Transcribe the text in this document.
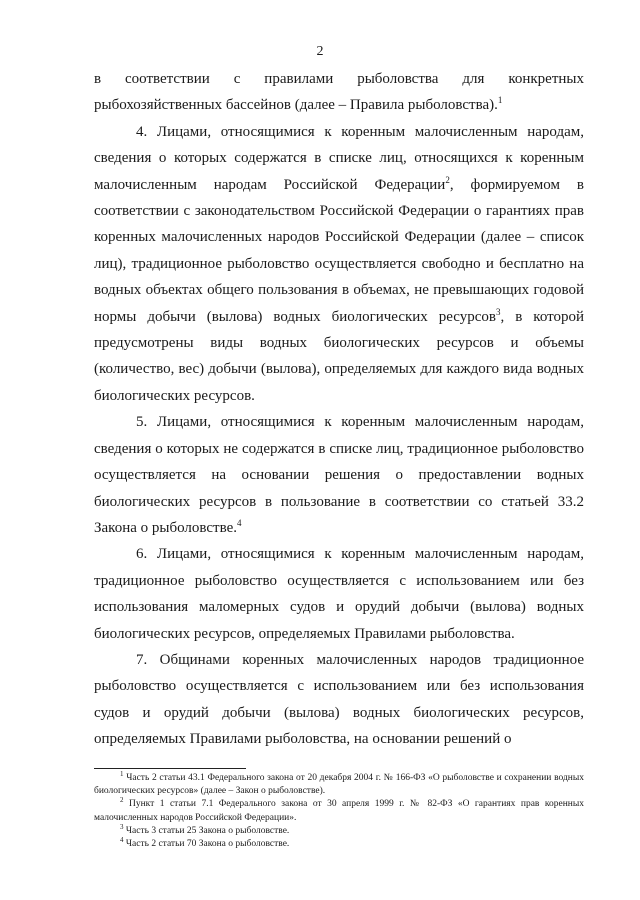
2

в соответствии с правилами рыболовства для конкретных рыбохозяйственных бассейнов (далее – Правила рыболовства).$^1$

4. Лицами, относящимися к коренным малочисленным народам, сведения о которых содержатся в списке лиц, относящихся к коренным малочисленным народам Российской Федерации$^2$, формируемом в соответствии с законодательством Российской Федерации о гарантиях прав коренных малочисленных народов Российской Федерации (далее – список лиц), традиционное рыболовство осуществляется свободно и бесплатно на водных объектах общего пользования в объемах, не превышающих годовой нормы добычи (вылова) водных биологических ресурсов$^3$, в которой предусмотрены виды водных биологических ресурсов и объемы (количество, вес) добычи (вылова), определяемых для каждого вида водных биологических ресурсов.

5. Лицами, относящимися к коренным малочисленным народам, сведения о которых не содержатся в списке лиц, традиционное рыболовство осуществляется на основании решения о предоставлении водных биологических ресурсов в пользование в соответствии со статьей 33.2 Закона о рыболовстве.$^4$

6. Лицами, относящимися к коренным малочисленным народам, традиционное рыболовство осуществляется с использованием или без использования маломерных судов и орудий добычи (вылова) водных биологических ресурсов, определяемых Правилами рыболовства.

7. Общинами коренных малочисленных народов традиционное рыболовство осуществляется с использованием или без использования судов и орудий добычи (вылова) водных биологических ресурсов, определяемых Правилами рыболовства, на основании решений о

$^1$ Часть 2 статьи 43.1 Федерального закона от 20 декабря 2004 г. № 166-ФЗ «О рыболовстве и сохранении водных биологических ресурсов» (далее – Закон о рыболовстве).

$^2$ Пункт 1 статьи 7.1 Федерального закона от 30 апреля 1999 г. № 82-ФЗ «О гарантиях прав коренных малочисленных народов Российской Федерации».

$^3$ Часть 3 статьи 25 Закона о рыболовстве.

$^4$ Часть 2 статьи 70 Закона о рыболовстве.
